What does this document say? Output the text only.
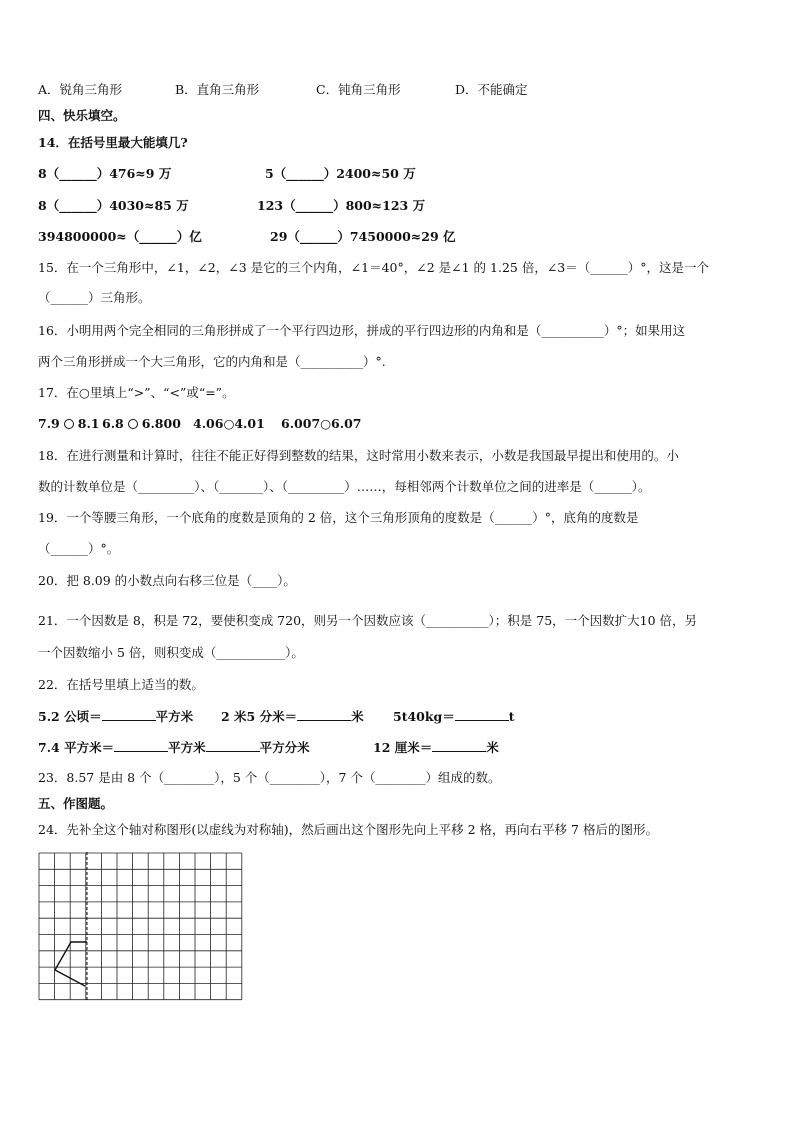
A．锐角三角形	B．直角三角形	C．钝角三角形	D．不能确定
四、快乐填空。
14．在括号里最大能填几?
8（______）476≈9 万	5（______）2400≈50 万
8（______）4030≈85 万	123（______）800≈123 万
394800000≈（______）亿	29（______）7450000≈29 亿
15．在一个三角形中，∠1，∠2，∠3 是它的三个内角，∠1＝40°，∠2 是∠1 的 1.25 倍，∠3＝（______）°，这是一个
（______）三角形。
16．小明用两个完全相同的三角形拼成了一个平行四边形，拼成的平行四边形的内角和是（__________）°；如果用这
两个三角形拼成一个大三角形，它的内角和是（__________）°.
17．在○里填上“>”、“<”或“=”。
7.9 8.1 6.8 6.800 4.06○4.01 6.007○6.07
18．在进行测量和计算时，往往不能正好得到整数的结果，这时常用小数来表示，小数是我国最早提出和使用的。小
数的计数单位是（_________）、（_______）、（_________）……，每相邻两个计数单位之间的进率是（______）。
19．一个等腰三角形，一个底角的度数是顶角的 2 倍，这个三角形顶角的度数是（______）°，底角的度数是
（______）°。
20．把 8.09 的小数点向右移三位是（____）。
21．一个因数是 8，积是 72，要使积变成 720，则另一个因数应该（__________）；积是 75，一个因数扩大10 倍，另
一个因数缩小 5 倍，则积变成（___________）。
22．在括号里填上适当的数。
5.2 公顷＝	平方米 2 米5 分米＝	米 5t40kg＝	t
7.4 平方米＝	平方米	平方分米	12 厘米＝	米
23．8.57 是由 8 个（________），5 个（________），7 个（________）组成的数。
五、作图题。
24．先补全这个轴对称图形(以虚线为对称轴)，然后画出这个图形先向上平移 2 格，再向右平移 7 格后的图形。
